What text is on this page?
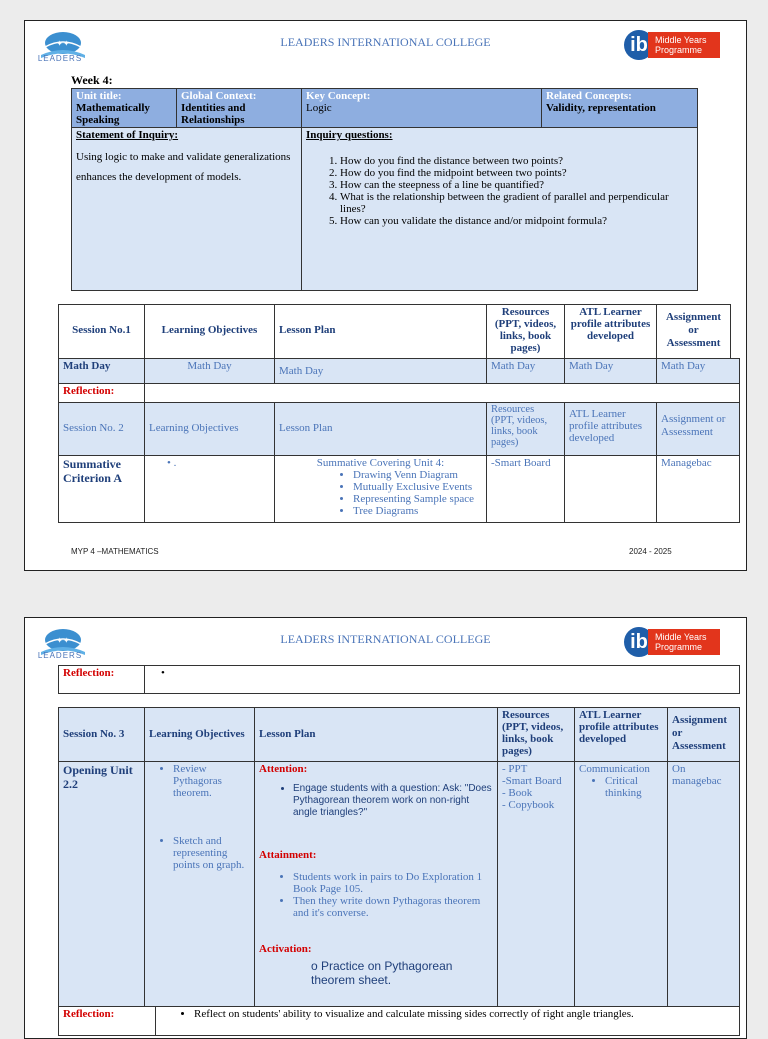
✦✦
LEADERS
LEADERS INTERNATIONAL COLLEGE	ib Middle Years
Programme
Week 4:
Unit title:
Mathematically Speaking
Global Context:
Identities and Relationships
Key Concept:
Logic
Related Concepts:
Validity, representation
Statement of Inquiry:
Using logic to make and validate generalizations enhances the development of models.
Inquiry questions:
1. How do you find the distance between two points?
2. How do you find the midpoint between two points?
3. How can the steepness of a line be quantified?
4. What is the relationship between the gradient of parallel and perpendicular lines?
5. How can you validate the distance and/or midpoint formula?
Session No.1	Learning Objectives	Lesson Plan
Resources (PPT, videos, links, book pages)
ATL Learner profile attributes developed
Assignment or Assessment
Math Day	Math Day	Math Day	Math Day	Math Day	Math Day
Reflection:
Session No. 2	Learning Objectives	Lesson Plan
Resources (PPT, videos, links, book pages)
ATL Learner profile attributes developed
Assignment or Assessment
Summative Criterion A
• .	Summative Covering Unit 4:
• Drawing Venn Diagram
• Mutually Exclusive Events
• Representing Sample space
• Tree Diagrams
-Smart Board	Managebac
MYP 4 –MATHEMATICS	2024 - 2025
✦✦
LEADERS
LEADERS INTERNATIONAL COLLEGE	ib Middle Years
Programme
Reflection:	•
Session No. 3	Learning Objectives	Lesson Plan
Resources (PPT, videos, links, book pages)
ATL Learner profile attributes developed
Assignment or Assessment
Opening Unit 2.2
• Review Pythagoras theorem.
• Sketch and representing points on graph.
Attention:
• Engage students with a question: Ask: "Does Pythagorean theorem work on non-right angle triangles?"
Attainment:
• Students work in pairs to Do Exploration 1 Book Page 105.
• Then they write down Pythagoras theorem and it's converse.
Activation:
o Practice on Pythagorean theorem sheet.
- PPT
-Smart Board
- Book
- Copybook
Communication
• Critical thinking
On managebac
Reflection:
•	Reflect on students' ability to visualize and calculate missing sides correctly of right angle triangles.
